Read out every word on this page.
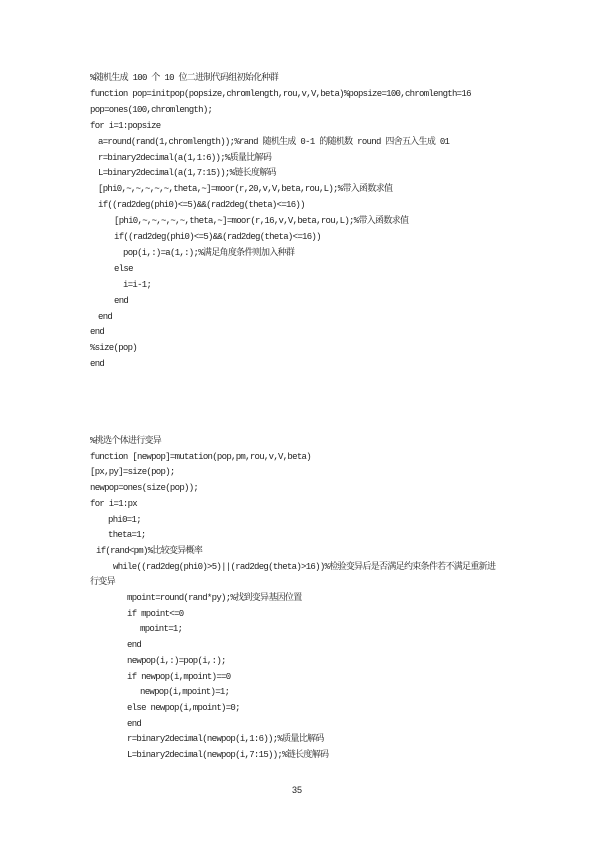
%随机生成 100 个 10 位二进制代码组初始化种群
function pop=initpop(popsize,chromlength,rou,v,V,beta)%popsize=100,chromlength=16
pop=ones(100,chromlength);
for i=1:popsize
a=round(rand(1,chromlength));%rand 随机生成 0-1 的随机数 round 四舍五入生成 01
r=binary2decimal(a(1,1:6));%质量比解码
L=binary2decimal(a(1,7:15));%链长度解码
[phi0,~,~,~,~,~,theta,~]=moor(r,20,v,V,beta,rou,L);%带入函数求值
if((rad2deg(phi0)<=5)&&(rad2deg(theta)<=16))
[phi0,~,~,~,~,~,theta,~]=moor(r,16,v,V,beta,rou,L);%带入函数求值
if((rad2deg(phi0)<=5)&&(rad2deg(theta)<=16))
pop(i,:)=a(1,:);%满足角度条件则加入种群
else
i=i-1;
end
end
end
%size(pop)
end
%挑选个体进行变异
function [newpop]=mutation(pop,pm,rou,v,V,beta)
[px,py]=size(pop);
newpop=ones(size(pop));
for i=1:px
phi0=1;
theta=1;
if(rand<pm)%比较变异概率
while((rad2deg(phi0)>5)||(rad2deg(theta)>16))%检验变异后是否满足约束条件若不满足重新进
行变异
mpoint=round(rand*py);%找到变异基因位置
if mpoint<=0
mpoint=1;
end
newpop(i,:)=pop(i,:);
if newpop(i,mpoint)==0
newpop(i,mpoint)=1;
else newpop(i,mpoint)=0;
end
r=binary2decimal(newpop(i,1:6));%质量比解码
L=binary2decimal(newpop(i,7:15));%链长度解码
35
